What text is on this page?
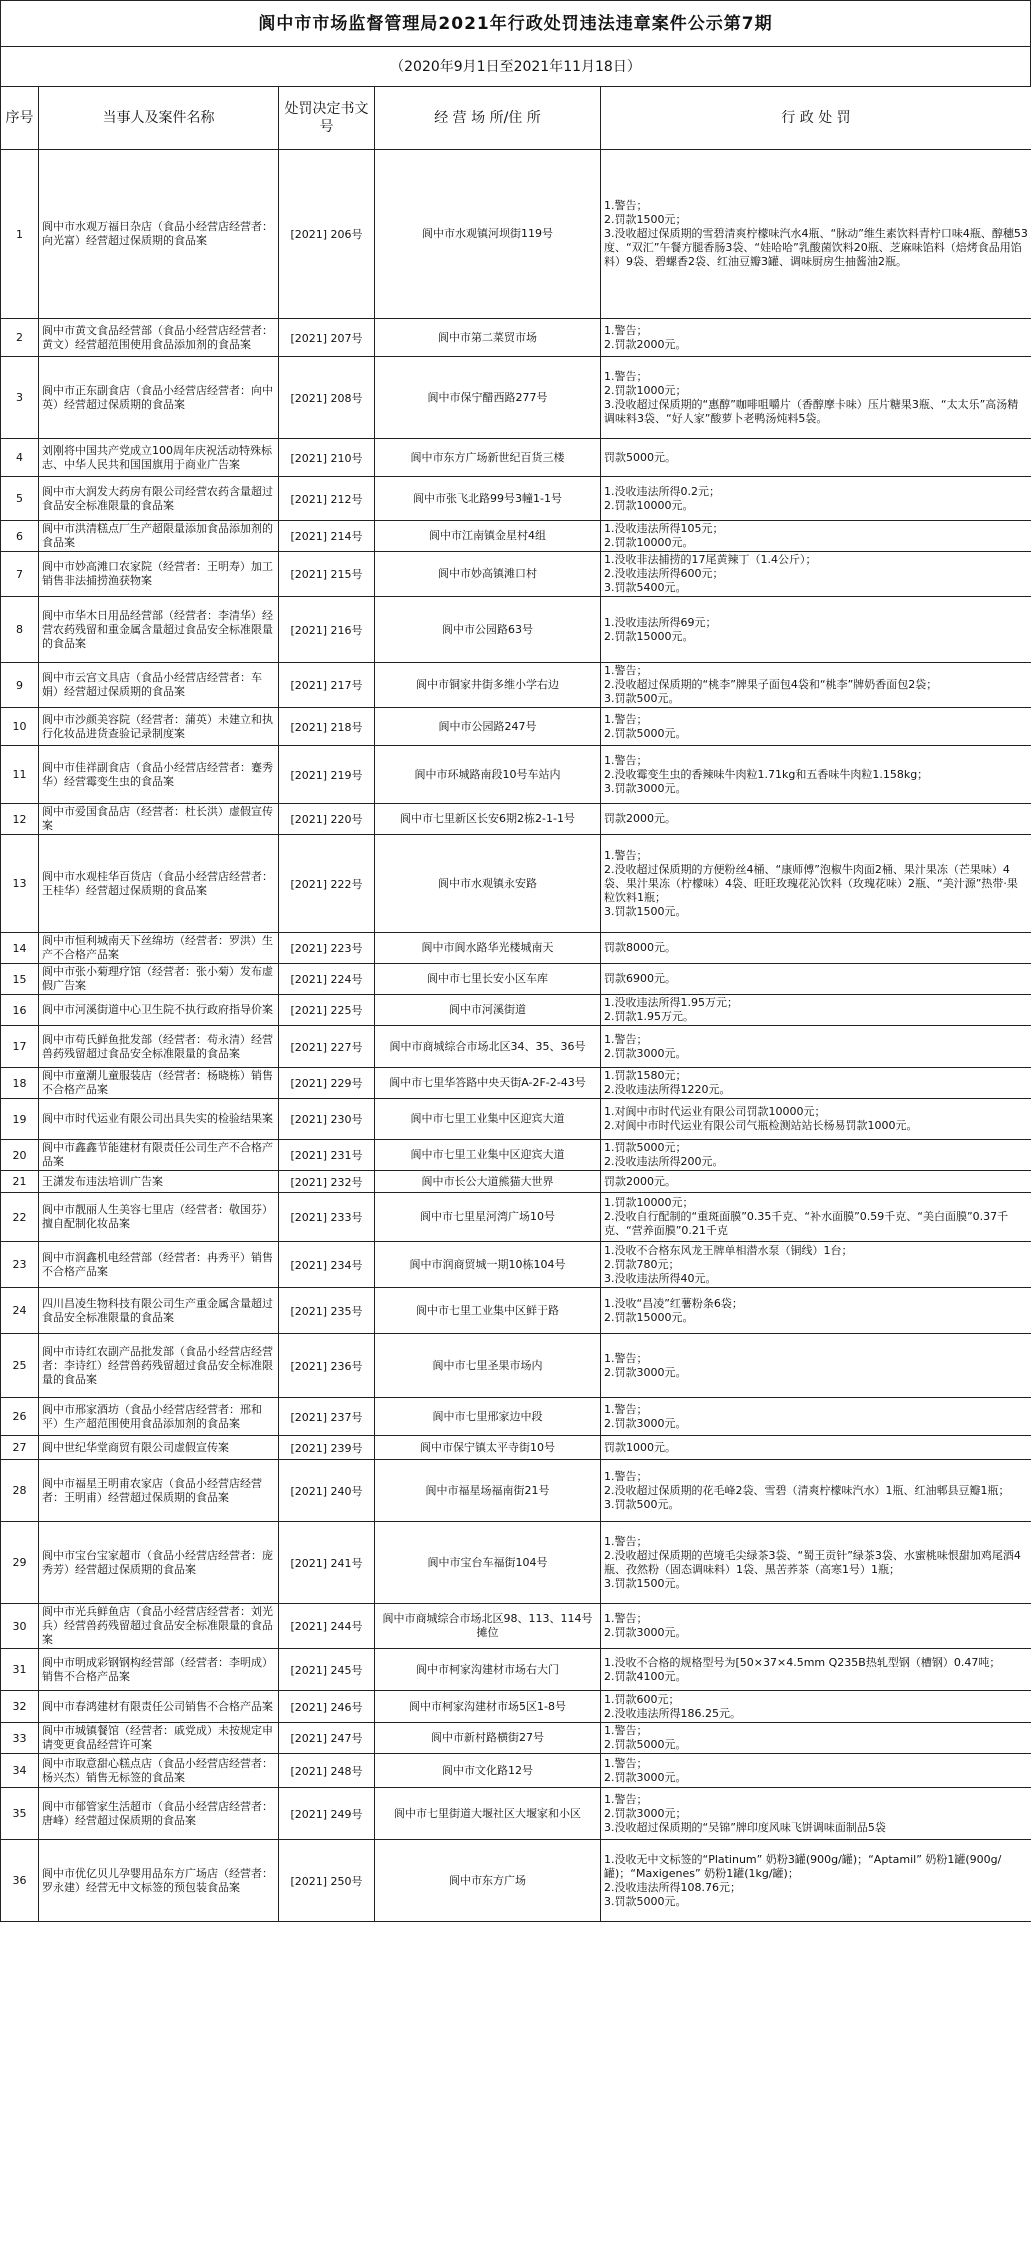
阆中市市场监督管理局2021年行政处罚违法违章案件公示第7期
（2020年9月1日至2021年11月18日）
序号	当事人及案件名称	处罚决定书文号	经 营 场 所/住 所	行 政 处 罚
1	阆中市水观万福日杂店（食品小经营店经营者：向光富）经营超过保质期的食品案	[2021] 206号	阆中市水观镇河坝街119号	1.警告；
2.罚款1500元；
3.没收超过保质期的雪碧清爽柠檬味汽水4瓶、“脉动”维生素饮料青柠口味4瓶、醇穗53度、“双汇”午餐方腿香肠3袋、“娃哈哈”乳酸菌饮料20瓶、芝麻味馅料（焙烤食品用馅料）9袋、碧螺香2袋、红油豆瓣3罐、调味厨房生抽酱油2瓶。

2	阆中市黄文食品经营部（食品小经营店经营者：黄文）经营超范围使用食品添加剂的食品案	[2021] 207号	阆中市第二菜贸市场	1.警告；
2.罚款2000元。

3	阆中市正东副食店（食品小经营店经营者：向中英）经营超过保质期的食品案	[2021] 208号	阆中市保宁醋西路277号	1.警告；
2.罚款1000元；
3.没收超过保质期的“惠醇”咖啡咀嚼片（香醇摩卡味）压片糖果3瓶、“太太乐”高汤精调味料3袋、“好人家”酸萝卜老鸭汤炖料5袋。

4	刘刚将中国共产党成立100周年庆祝活动特殊标志、中华人民共和国国旗用于商业广告案	[2021] 210号	阆中市东方广场新世纪百货三楼	罚款5000元。

5	阆中市大润发大药房有限公司经营农药含量超过食品安全标准限量的食品案	[2021] 212号	阆中市张飞北路99号3幢1-1号	1.没收违法所得0.2元；
2.罚款10000元。

6	阆中市洪清糕点厂生产超限量添加食品添加剂的食品案	[2021] 214号	阆中市江南镇金星村4组	1.没收违法所得105元；
2.罚款10000元。

7	阆中市妙高滩口农家院（经营者：王明寿）加工销售非法捕捞渔获物案	[2021] 215号	阆中市妙高镇滩口村	1.没收非法捕捞的17尾黄辣丁（1.4公斤）；
2.没收违法所得600元；
3.罚款5400元。

8	阆中市华木日用品经营部（经营者：李清华）经营农药残留和重金属含量超过食品安全标准限量的食品案	[2021] 216号	阆中市公园路63号	1.没收违法所得69元；
2.罚款15000元。

9	阆中市云宫文具店（食品小经营店经营者：车娟）经营超过保质期的食品案	[2021] 217号	阆中市铜家井街多维小学右边	1.警告；
2.没收超过保质期的“桃李”牌果子面包4袋和“桃李”牌奶香面包2袋；
3.罚款500元。

10	阆中市沙颜美容院（经营者：蒲英）未建立和执行化妆品进货查验记录制度案	[2021] 218号	阆中市公园路247号	1.警告；
2.罚款5000元。

11	阆中市佳祥副食店（食品小经营店经营者：蹇秀华）经营霉变生虫的食品案	[2021] 219号	阆中市环城路南段10号车站内	1.警告；
2.没收霉变生虫的香辣味牛肉粒1.71kg和五香味牛肉粒1.158kg；
3.罚款3000元。

12	阆中市爱国食品店（经营者：杜长洪）虚假宣传案	[2021] 220号	阆中市七里新区长安6期2栋2-1-1号	罚款2000元。

13	阆中市水观桂华百货店（食品小经营店经营者：王桂华）经营超过保质期的食品案	[2021] 222号	阆中市水观镇永安路	1.警告；
2.没收超过保质期的方便粉丝4桶、“康师傅”泡椒牛肉面2桶、果汁果冻（芒果味）4袋、果汁果冻（柠檬味）4袋、旺旺玫瑰花沁饮料（玫瑰花味）2瓶、“美汁源”热带·果粒饮料1瓶；
3.罚款1500元。

14	阆中市恒利城南天下丝绵坊（经营者：罗洪）生产不合格产品案	[2021] 223号	阆中市阆水路华光楼城南天	罚款8000元。

15	阆中市张小菊理疗馆（经营者：张小菊）发布虚假广告案	[2021] 224号	阆中市七里长安小区车库	罚款6900元。

16	阆中市河溪街道中心卫生院不执行政府指导价案	[2021] 225号	阆中市河溪街道	1.没收违法所得1.95万元；
2.罚款1.95万元。

17	阆中市苟氏鲜鱼批发部（经营者：苟永清）经营兽药残留超过食品安全标准限量的食品案	[2021] 227号	阆中市商城综合市场北区34、35、36号	1.警告；
2.罚款3000元。

18	阆中市童潮儿童服装店（经营者：杨晓栋）销售不合格产品案	[2021] 229号	阆中市七里华答路中央天街A-2F-2-43号	1.罚款1580元；
2.没收违法所得1220元。

19	阆中市时代运业有限公司出具失实的检验结果案	[2021] 230号	阆中市七里工业集中区迎宾大道	1.对阆中市时代运业有限公司罚款10000元；
2.对阆中市时代运业有限公司气瓶检测站站长杨易罚款1000元。

20	阆中市鑫鑫节能建材有限责任公司生产不合格产品案	[2021] 231号	阆中市七里工业集中区迎宾大道	1.罚款5000元；
2.没收违法所得200元。

21	王潇发布违法培训广告案	[2021] 232号	阆中市长公大道熊猫大世界	罚款2000元。

22	阆中市靓丽人生美容七里店（经营者：敬国芬）擅自配制化妆品案	[2021] 233号	阆中市七里星河湾广场10号	1.罚款10000元；
2.没收自行配制的“重斑面膜”0.35千克、“补水面膜”0.59千克、“美白面膜”0.37千克、“营养面膜”0.21千克

23	阆中市润鑫机电经营部（经营者：冉秀平）销售不合格产品案	[2021] 234号	阆中市润商贸城一期10栋104号	1.没收不合格东风龙王牌单相潜水泵（铜线）1台；
2.罚款780元；
3.没收违法所得40元。

24	四川昌凌生物科技有限公司生产重金属含量超过食品安全标准限量的食品案	[2021] 235号	阆中市七里工业集中区鲜于路	1.没收“昌凌”红薯粉条6袋；
2.罚款15000元。

25	阆中市诗红农副产品批发部（食品小经营店经营者：李诗红）经营兽药残留超过食品安全标准限量的食品案	[2021] 236号	阆中市七里圣果市场内	1.警告；
2.罚款3000元。

26	阆中市邢家酒坊（食品小经营店经营者：邢和平）生产超范围使用食品添加剂的食品案	[2021] 237号	阆中市七里邢家边中段	1.警告；
2.罚款3000元。

27	阆中世纪华堂商贸有限公司虚假宣传案	[2021] 239号	阆中市保宁镇太平寺街10号	罚款1000元。

28	阆中市福星王明甫农家店（食品小经营店经营者：王明甫）经营超过保质期的食品案	[2021] 240号	阆中市福星场福南街21号	1.警告；
2.没收超过保质期的花毛峰2袋、雪碧（清爽柠檬味汽水）1瓶、红油郫县豆瓣1瓶；
3.罚款500元。

29	阆中市宝台宝家超市（食品小经营店经营者：庞秀芳）经营超过保质期的食品案	[2021] 241号	阆中市宝台车福街104号	1.警告；
2.没收超过保质期的芭境毛尖绿茶3袋、“蜀王贡针”绿茶3袋、水蜜桃味恨甜加鸡尾酒4瓶、孜然粉（固态调味料）1袋、黑苦荞茶（高寒1号）1瓶；
3.罚款1500元。

30	阆中市光兵鲜鱼店（食品小经营店经营者：刘光兵）经营兽药残留超过食品安全标准限量的食品案	[2021] 244号	阆中市商城综合市场北区98、113、114号摊位	1.警告；
2.罚款3000元。

31	阆中市明成彩钢钢构经营部（经营者：李明成）销售不合格产品案	[2021] 245号	阆中市柯家沟建材市场右大门	1.没收不合格的规格型号为[50×37×4.5mm Q235B热轧型钢（槽钢）0.47吨；
2.罚款4100元。

32	阆中市春鸿建材有限责任公司销售不合格产品案	[2021] 246号	阆中市柯家沟建材市场5区1-8号	1.罚款600元；
2.没收违法所得186.25元。

33	阆中市城镇餐馆（经营者：戚党成）未按规定申请变更食品经营许可案	[2021] 247号	阆中市新村路横街27号	1.警告；
2.罚款5000元。

34	阆中市取意甜心糕点店（食品小经营店经营者：杨兴杰）销售无标签的食品案	[2021] 248号	阆中市文化路12号	1.警告；
2.罚款3000元。

35	阆中市郁管家生活超市（食品小经营店经营者：唐峰）经营超过保质期的食品案	[2021] 249号	阆中市七里街道大堰社区大堰家和小区	1.警告；
2.罚款3000元；
3.没收超过保质期的“吴锦”牌印度风味飞饼调味面制品5袋

36	阆中市优亿贝儿孕婴用品东方广场店（经营者：罗永建）经营无中文标签的预包装食品案	[2021] 250号	阆中市东方广场	1.没收无中文标签的“Platinum” 奶粉3罐(900g/罐)；“Aptamil” 奶粉1罐(900g/罐)；“Maxigenes” 奶粉1罐(1kg/罐)；
2.没收违法所得108.76元；
3.罚款5000元。
